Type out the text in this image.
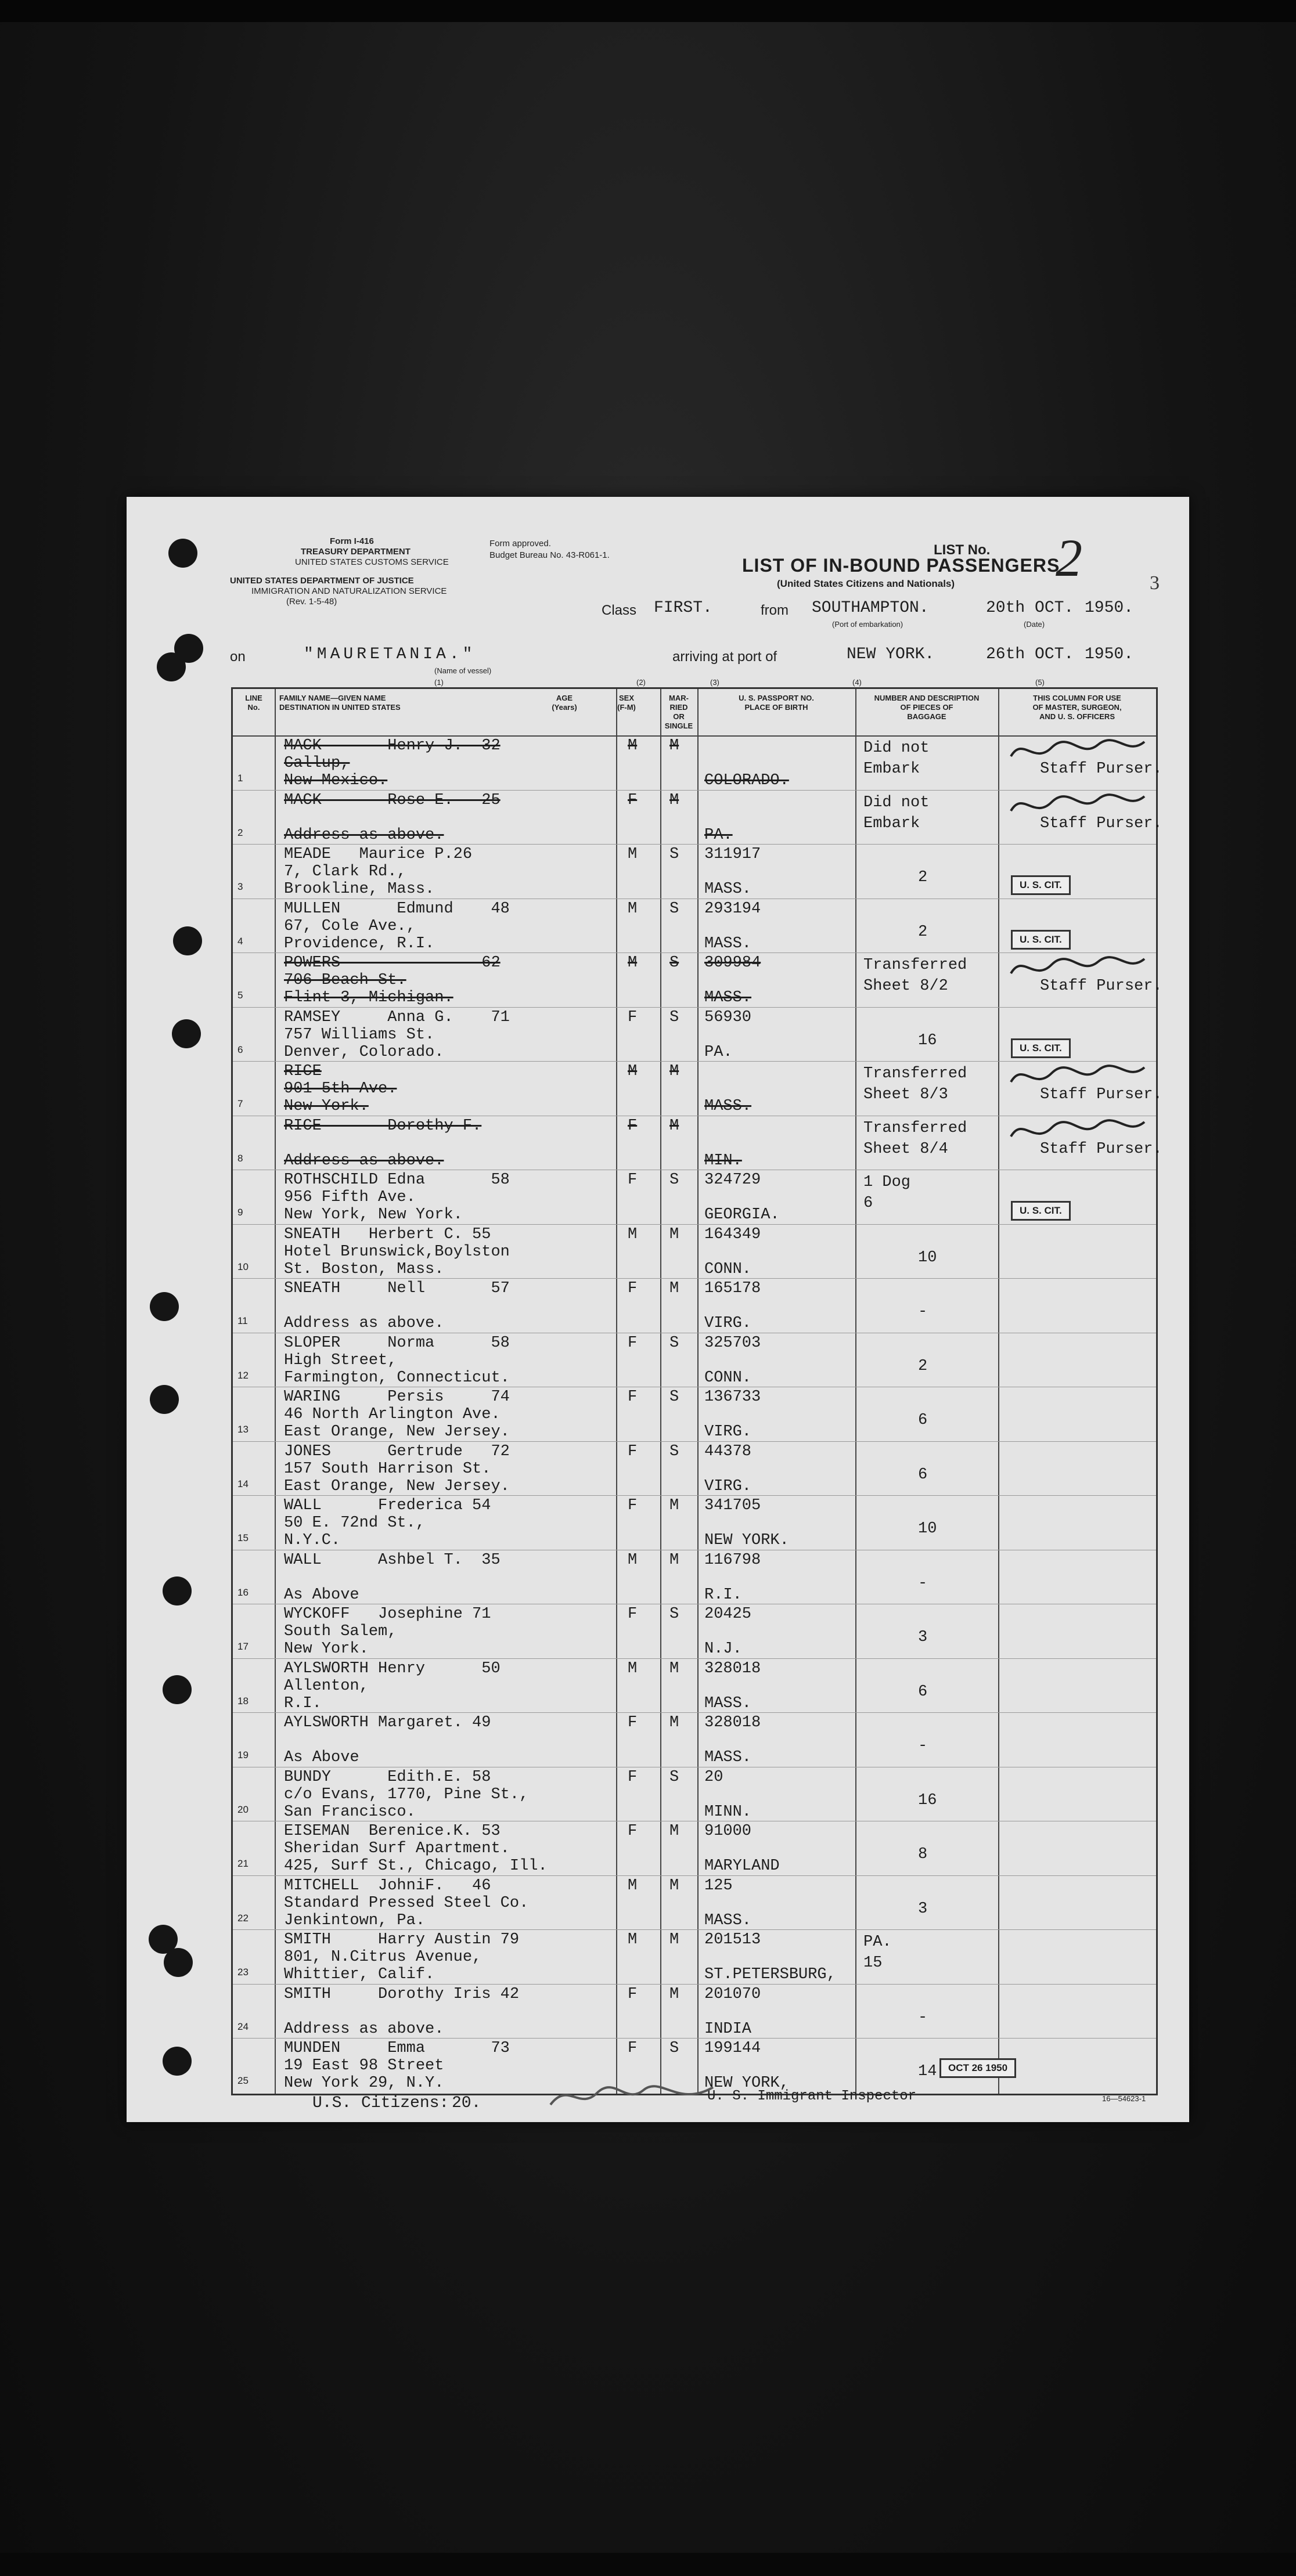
Form I-416
TREASURY DEPARTMENT
UNITED STATES CUSTOMS SERVICE
Form approved.
Budget Bureau No. 43-R061-1.
UNITED STATES DEPARTMENT OF JUSTICE
IMMIGRATION AND NATURALIZATION SERVICE
(Rev. 1-5-48)
LIST No. 2	3
LIST OF IN-BOUND PASSENGERS
(United States Citizens and Nationals)
Class FIRST.	from SOUTHAMPTON.
(Port of embarkation)
20th OCT. 1950.
(Date)
on	"MAURETANIA."
(Name of vessel)
arriving at port of	NEW YORK.	26th OCT. 1950.
(1)	(2)	(3)	(4)	(5)
LINE
No.
FAMILY NAME—GIVEN NAME
DESTINATION IN UNITED STATES
AGE
(Years)
SEX
(F-M)
MAR-
RIED
OR
SINGLE
U. S. PASSPORT NO.
PLACE OF BIRTH
NUMBER AND DESCRIPTION
OF PIECES OF
BAGGAGE
THIS COLUMN FOR USE
OF MASTER, SURGEON,
AND U. S. OFFICERS
1
MACK       Henry J.  32
Callup,
New Mexico.
M M
COLORADO.
Did not
Embark	Staff Purser.
2
MACK       Rose E.   25
Address as above.
F M
PA.
Did not
Embark	Staff Purser.
3
MEADE   Maurice P.26
7, Clark Rd.,
Brookline, Mass.
M S 311917
MASS.
2	U. S. CIT.
4
MULLEN      Edmund    48
67, Cole Ave.,
Providence, R.I.
M S 293194
MASS.
2	U. S. CIT.
5
POWERS               62
706 Beach St.
Flint 3, Michigan.
M S 309984
MASS.
Transferred
Sheet 8/2	Staff Purser.
6
RAMSEY     Anna G.    71
757 Williams St.
Denver, Colorado.
F S 56930
PA.
16	U. S. CIT.
7
RICE
901 5th Ave.
New York.
M M
MASS.
Transferred
Sheet 8/3	Staff Purser.
8
RICE       Dorothy F.
Address as above.
F M
MIN.
Transferred
Sheet 8/4	Staff Purser.
9
ROTHSCHILD Edna       58
956 Fifth Ave.
New York, New York.
F S 324729
GEORGIA.
1 Dog
6	U. S. CIT.
10
SNEATH   Herbert C. 55
Hotel Brunswick,Boylston
St. Boston, Mass.
M M 164349
CONN.
10
11
SNEATH     Nell       57
Address as above.
F M 165178
VIRG.
-
12
SLOPER     Norma      58
High Street,
Farmington, Connecticut.
F S 325703
CONN.
2
13
WARING     Persis     74
46 North Arlington Ave.
East Orange, New Jersey.
F S 136733
VIRG.
6
14
JONES      Gertrude   72
157 South Harrison St.
East Orange, New Jersey.
F S 44378
VIRG.
6
15
WALL      Frederica 54
50 E. 72nd St.,
N.Y.C.
F M 341705
NEW YORK.
10
16
WALL      Ashbel T.  35
As Above
M M 116798
R.I.
-
17
WYCKOFF   Josephine 71
South Salem,
New York.
F S 20425
N.J.
3
18
AYLSWORTH Henry      50
Allenton,
R.I.
M M 328018
MASS.
6
19
AYLSWORTH Margaret. 49
As Above
F M 328018
MASS.
-
20
BUNDY      Edith.E. 58
c/o Evans, 1770, Pine St.,
San Francisco.
F S 20
MINN.
16
21
EISEMAN  Berenice.K. 53
Sheridan Surf Apartment.
425, Surf St., Chicago, Ill.
F M 91000
MARYLAND
8
22
MITCHELL  JohniF.   46
Standard Pressed Steel Co.
Jenkintown, Pa.
M M 125
MASS.
3
23
SMITH     Harry Austin 79
801, N.Citrus Avenue,
Whittier, Calif.
M M 201513
ST.PETERSBURG,
PA.
15
24
SMITH     Dorothy Iris 42
Address as above.
F M 201070
INDIA
-
25
MUNDEN     Emma       73
19 East 98 Street
New York 29, N.Y.
F S 199144
NEW YORK,
14
U.S. Citizens: 20.	U. S. Immigrant Inspector
OCT 26 1950
16—54623-1
